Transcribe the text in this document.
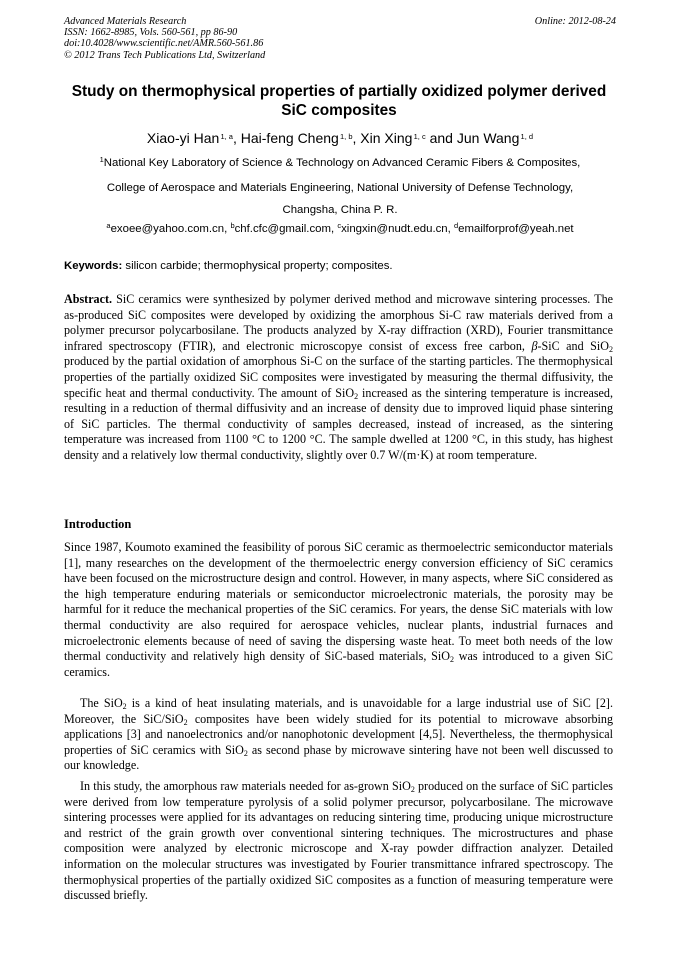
Advanced Materials Research
ISSN: 1662-8985, Vols. 560-561, pp 86-90
doi:10.4028/www.scientific.net/AMR.560-561.86
© 2012 Trans Tech Publications Ltd, Switzerland
Online: 2012-08-24
Study on thermophysical properties of partially oxidized polymer derived SiC composites
Xiao-yi Han $^{1, a}$, Hai-feng Cheng $^{1, b}$, Xin Xing $^{1, c}$ and Jun Wang $^{1, d}$
$^1$National Key Laboratory of Science & Technology on Advanced Ceramic Fibers & Composites,
College of Aerospace and Materials Engineering, National University of Defense Technology,
Changsha, China P. R.
$^a$exoee@yahoo.com.cn, $^b$chf.cfc@gmail.com, $^c$xingxin@nudt.edu.cn, $^d$emailforprof@yeah.net
Keywords: silicon carbide; thermophysical property; composites.
Abstract. SiC ceramics were synthesized by polymer derived method and microwave sintering processes. The as-produced SiC composites were developed by oxidizing the amorphous Si-C raw materials derived from a polymer precursor polycarbosilane. The products analyzed by X-ray diffraction (XRD), Fourier transmittance infrared spectroscopy (FTIR), and electronic microscopye consist of excess free carbon, β-SiC and SiO$_2$ produced by the partial oxidation of amorphous Si-C on the surface of the starting particles. The thermophysical properties of the partially oxidized SiC composites were investigated by measuring the thermal diffusivity, the specific heat and thermal conductivity. The amount of SiO$_2$ increased as the sintering temperature is increased, resulting in a reduction of thermal diffusivity and an increase of density due to improved liquid phase sintering of SiC particles. The thermal conductivity of samples decreased, instead of increased, as the sintering temperature was increased from 1100 °C to 1200 °C. The sample dwelled at 1200 °C, in this study, has highest density and a relatively low thermal conductivity, slightly over 0.7 W/(m·K) at room temperature.
Introduction
Since 1987, Koumoto examined the feasibility of porous SiC ceramic as thermoelectric semiconductor materials [1], many researches on the development of the thermoelectric energy conversion efficiency of SiC ceramics have been focused on the microstructure design and control. However, in many aspects, where SiC considered as the high temperature enduring materials or semiconductor microelectronic materials, the porosity may be harmful for it reduce the mechanical properties of the SiC ceramics. For years, the dense SiC materials with low thermal conductivity are also required for aerospace vehicles, nuclear plants, industrial furnaces and microelectronic elements because of need of saving the dispersing waste heat. To meet both needs of the low thermal conductivity and relatively high density of SiC-based materials, SiO$_2$ was introduced to a given SiC ceramics.
The SiO$_2$ is a kind of heat insulating materials, and is unavoidable for a large industrial use of SiC [2]. Moreover, the SiC/SiO$_2$ composites have been widely studied for its potential to microwave absorbing applications [3] and nanoelectronics and/or nanophotonic development [4,5]. Nevertheless, the thermophysical properties of SiC ceramics with SiO$_2$ as second phase by microwave sintering have not been well discussed to our knowledge.
In this study, the amorphous raw materials needed for as-grown SiO$_2$ produced on the surface of SiC particles were derived from low temperature pyrolysis of a solid polymer precursor, polycarbosilane. The microwave sintering processes were applied for its advantages on reducing sintering time, producing unique microstructure and restrict of the grain growth over conventional sintering techniques. The microstructures and phase composition were analyzed by electronic microscope and X-ray powder diffraction analyzer. Detailed information on the molecular structures was investigated by Fourier transmittance infrared spectroscopy. The thermophysical properties of the partially oxidized SiC composites as a function of measuring temperature were discussed briefly.
